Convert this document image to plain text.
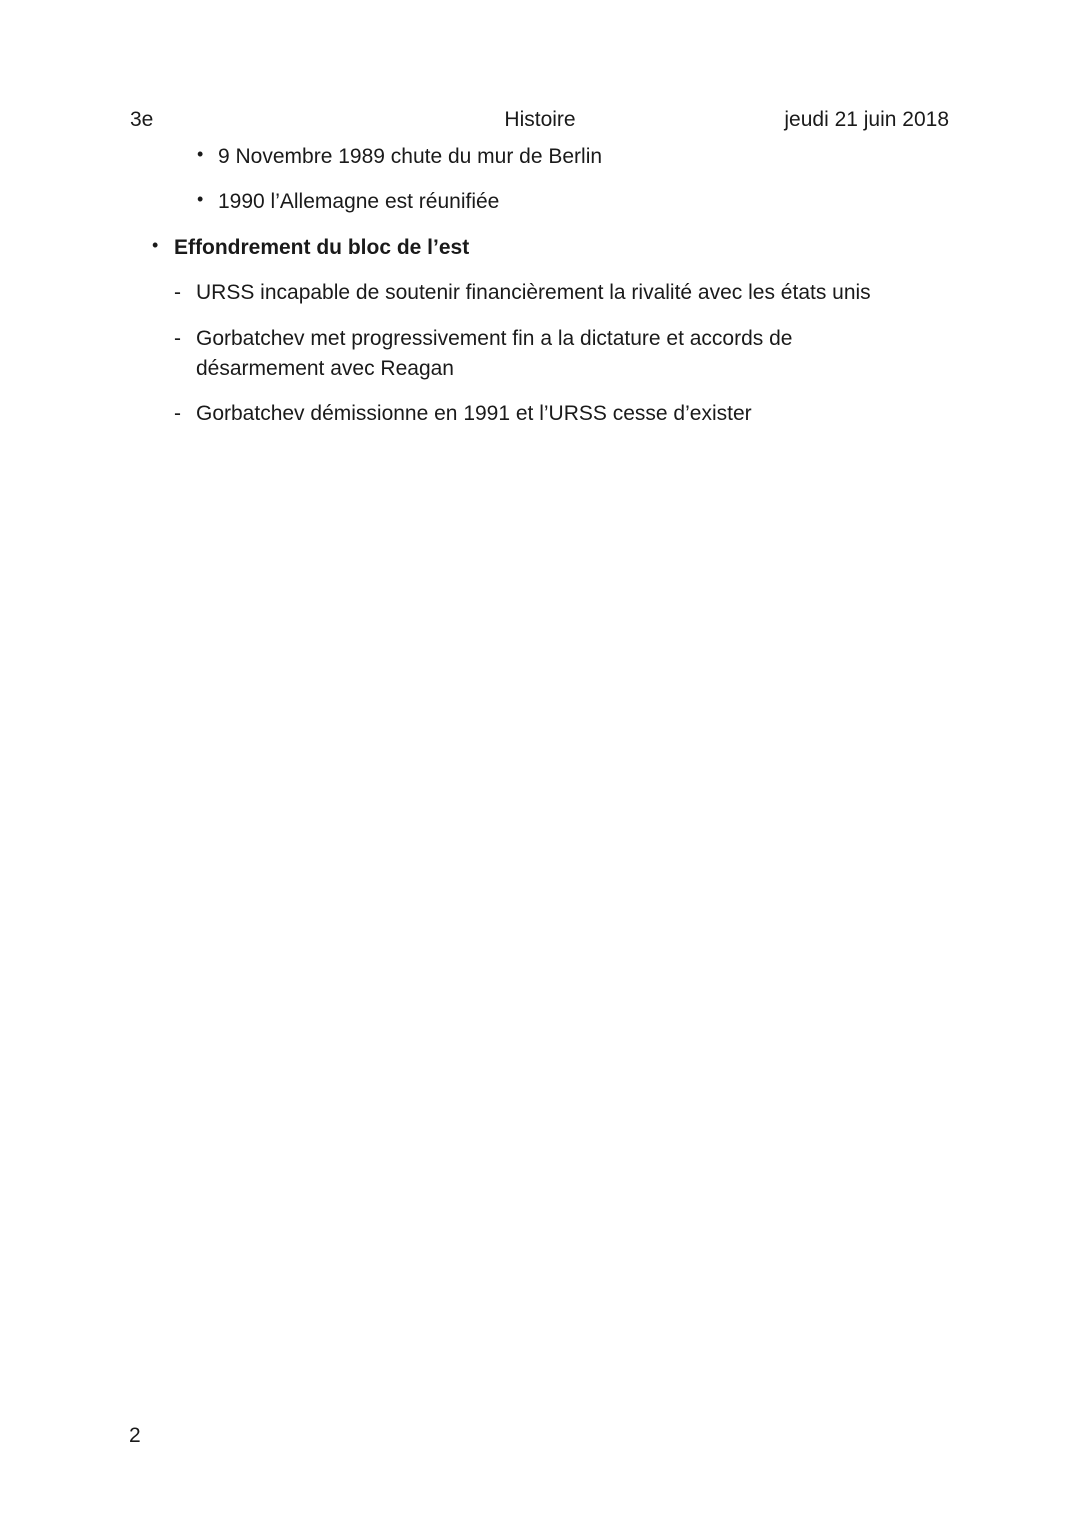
3e	Histoire	jeudi 21 juin 2018
• 9 Novembre 1989 chute du mur de Berlin
• 1990 l’Allemagne est réunifiée
• Effondrement du bloc de l’est
- URSS incapable de soutenir financièrement la rivalité avec les états unis
- Gorbatchev met progressivement fin a la dictature et accords de
désarmement avec Reagan
- Gorbatchev démissionne en 1991 et l’URSS cesse d’exister
2
